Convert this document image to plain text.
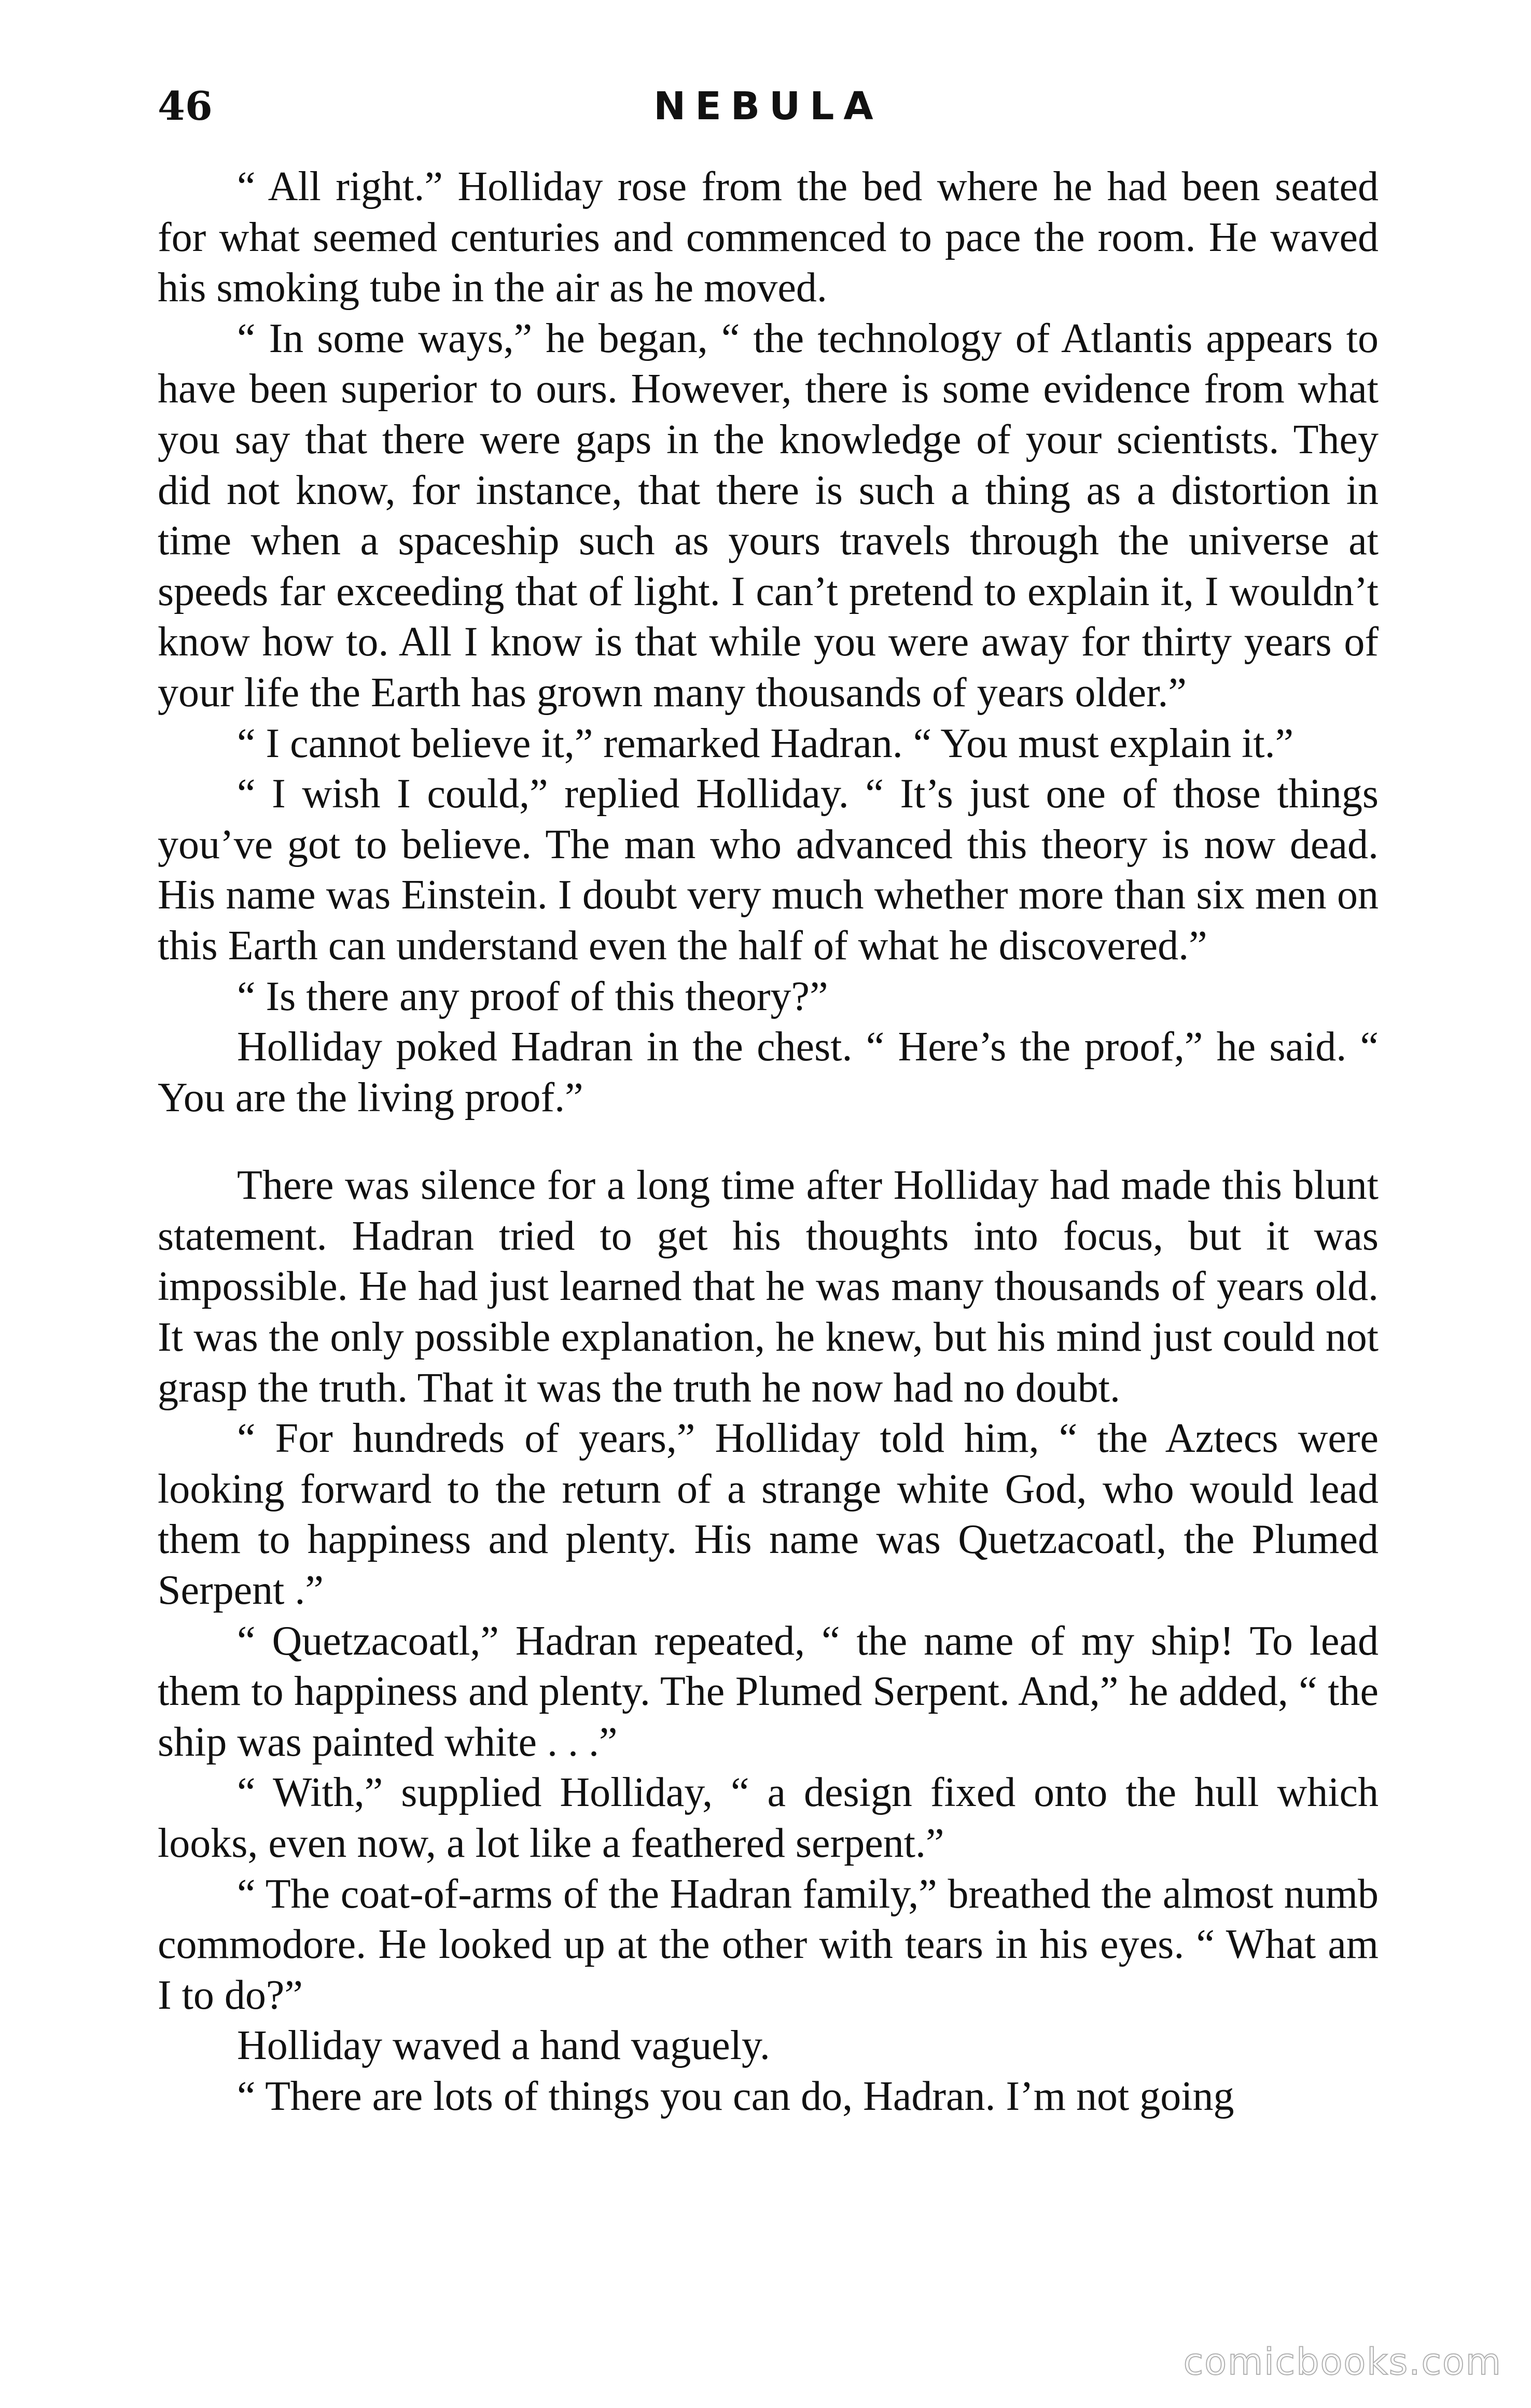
46	NEBULA

“ All right.” Holliday rose from the bed where he had been seated for what seemed centuries and commenced to pace the room. He waved his smoking tube in the air as he moved.

“ In some ways,” he began, “ the technology of Atlantis appears to have been superior to ours. However, there is some evidence from what you say that there were gaps in the knowledge of your scientists. They did not know, for instance, that there is such a thing as a distortion in time when a spaceship such as yours travels through the universe at speeds far exceeding that of light. I can’t pretend to explain it, I wouldn’t know how to. All I know is that while you were away for thirty years of your life the Earth has grown many thousands of years older.”

“ I cannot believe it,” remarked Hadran. “ You must explain it.”

“ I wish I could,” replied Holliday. “ It’s just one of those things you’ve got to believe. The man who advanced this theory is now dead. His name was Einstein. I doubt very much whether more than six men on this Earth can understand even the half of what he discovered.”

“ Is there any proof of this theory?”

Holliday poked Hadran in the chest. “ Here’s the proof,” he said. “ You are the living proof.”

There was silence for a long time after Holliday had made this blunt statement. Hadran tried to get his thoughts into focus, but it was impossible. He had just learned that he was many thousands of years old. It was the only possible explanation, he knew, but his mind just could not grasp the truth. That it was the truth he now had no doubt.

“ For hundreds of years,” Holliday told him, “ the Aztecs were looking forward to the return of a strange white God, who would lead them to happiness and plenty. His name was Quetzacoatl, the Plumed Serpent .”

“ Quetzacoatl,” Hadran repeated, “ the name of my ship! To lead them to happiness and plenty. The Plumed Serpent. And,” he added, “ the ship was painted white . . .”

“ With,” supplied Holliday, “ a design fixed onto the hull which looks, even now, a lot like a feathered serpent.”

“ The coat-of-arms of the Hadran family,” breathed the almost numb commodore. He looked up at the other with tears in his eyes. “ What am I to do?”

Holliday waved a hand vaguely.

“ There are lots of things you can do, Hadran. I’m not going

comicbooks.com
